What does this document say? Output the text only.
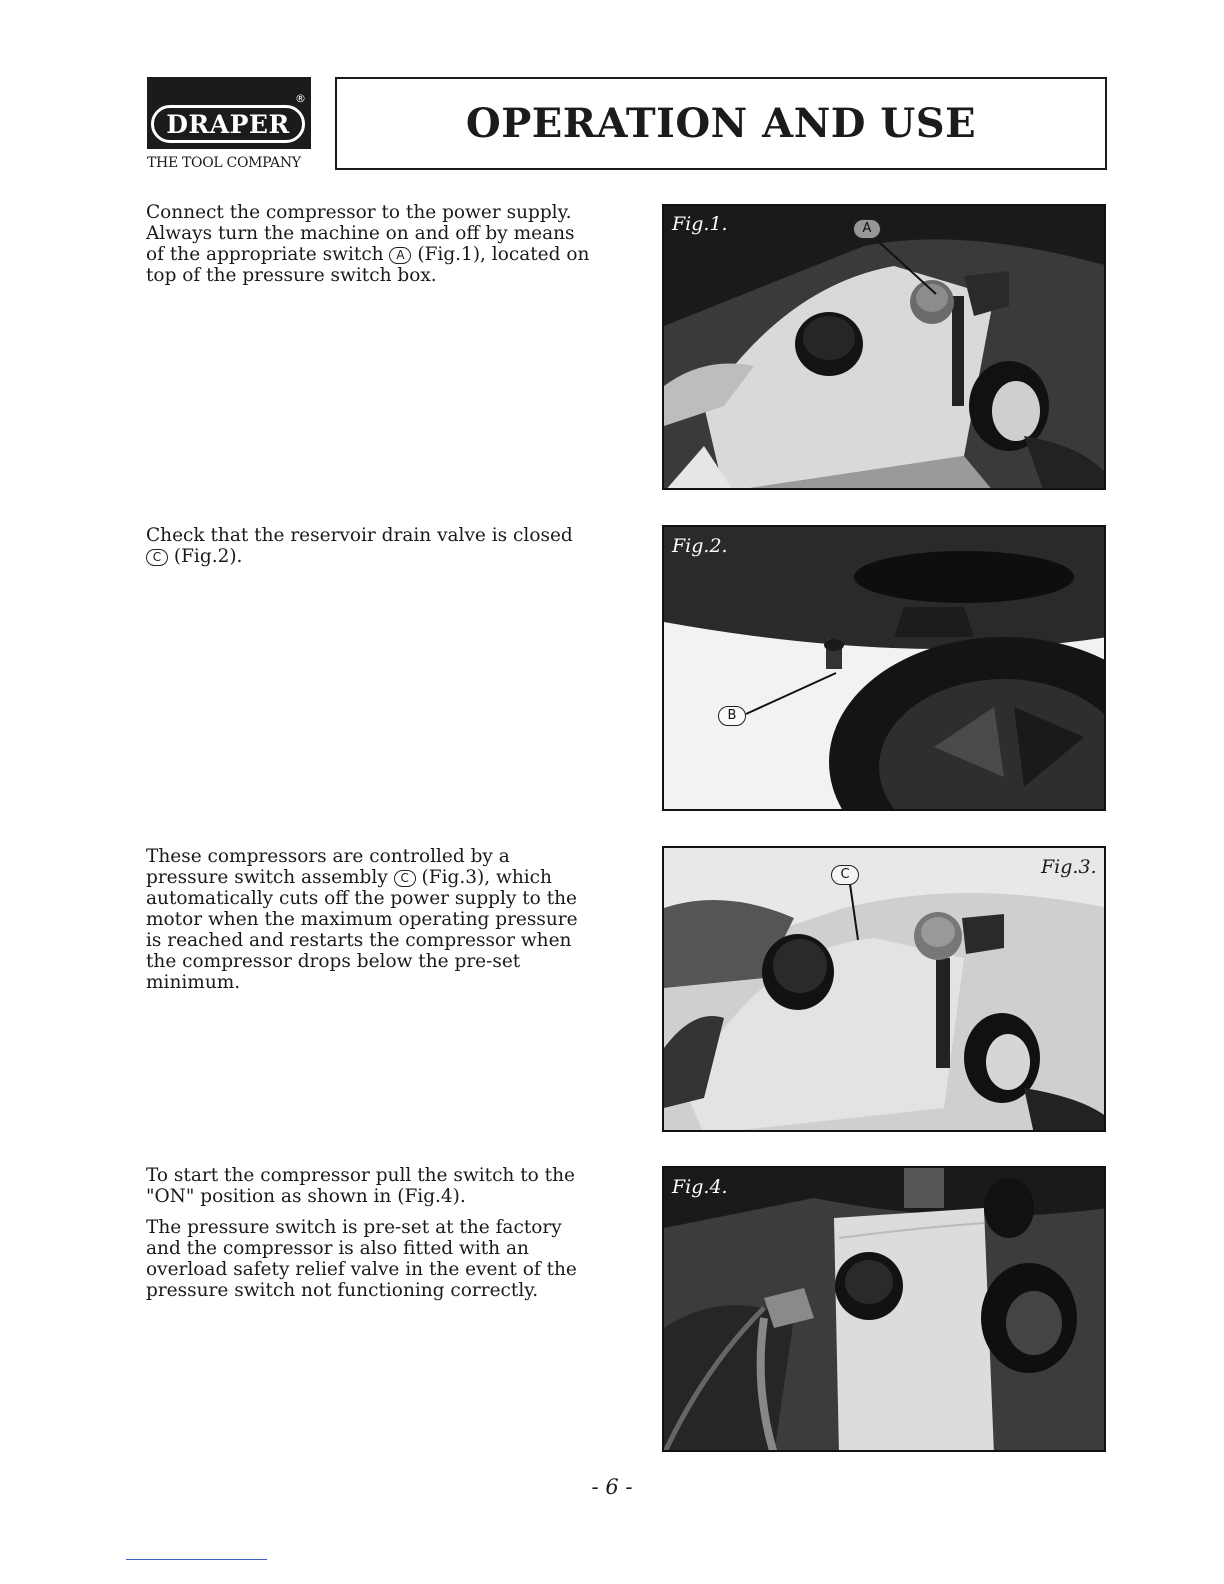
DRAPER
®
THE TOOL COMPANY
OPERATION AND USE

Connect the compressor to the power supply. Always turn the machine on and off by means of the appropriate switch A (Fig.1), located on top of the pressure switch box.

Fig.1.	A

Check that the reservoir drain valve is closed C (Fig.2).	Fig.2.
B

These compressors are controlled by a pressure switch assembly C (Fig.3), which automatically cuts off the power supply to the motor when the maximum operating pressure is reached and restarts the compressor when the compressor drops below the pre-set minimum.

Fig.3.
C

To start the compressor pull the switch to the "ON" position as shown in (Fig.4).

The pressure switch is pre-set at the factory and the compressor is also fitted with an overload safety relief valve in the event of the pressure switch not functioning correctly.

Fig.4.
- 6 -
